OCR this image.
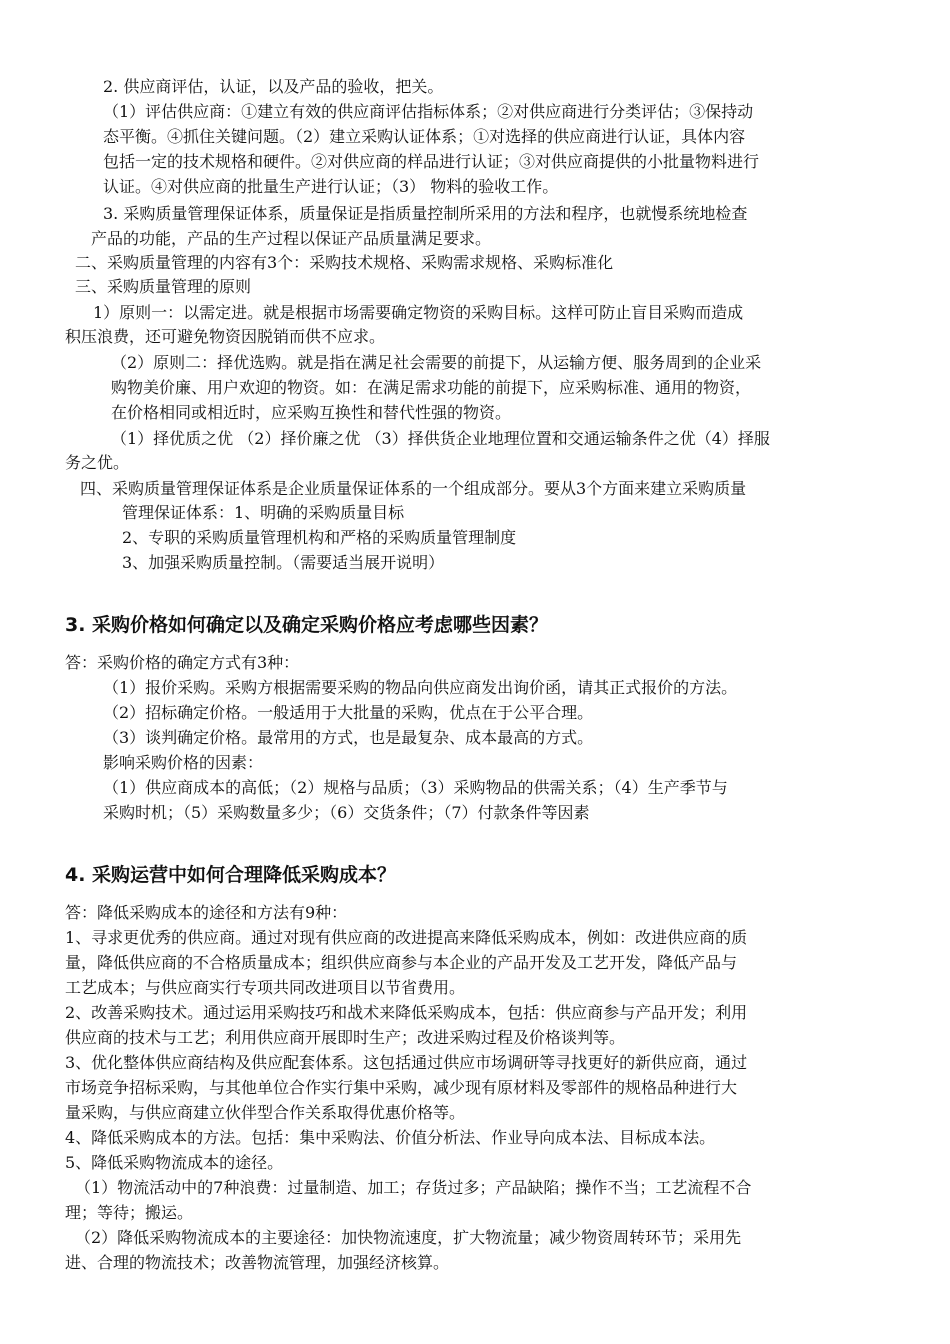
2. 供应商评估，认证，以及产品的验收，把关。
（1）评估供应商：①建立有效的供应商评估指标体系；②对供应商进行分类评估；③保持动
态平衡。④抓住关键问题。（2）建立采购认证体系；①对选择的供应商进行认证，具体内容
包括一定的技术规格和硬件。②对供应商的样品进行认证；③对供应商提供的小批量物料进行
认证。④对供应商的批量生产进行认证；（3） 物料的验收工作。
3. 采购质量管理保证体系，质量保证是指质量控制所采用的方法和程序，也就慢系统地检查
产品的功能，产品的生产过程以保证产品质量满足要求。
二、采购质量管理的内容有3个：采购技术规格、采购需求规格、采购标准化
三、采购质量管理的原则
1）原则一：以需定进。就是根据市场需要确定物资的采购目标。这样可防止盲目采购而造成
积压浪费，还可避免物资因脱销而供不应求。
（2）原则二：择优选购。就是指在满足社会需要的前提下，从运输方便、服务周到的企业采
购物美价廉、用户欢迎的物资。如：在满足需求功能的前提下，应采购标准、通用的物资，
在价格相同或相近时，应采购互换性和替代性强的物资。
（1）择优质之优 （2）择价廉之优 （3）择供货企业地理位置和交通运输条件之优（4）择服
务之优。
四、采购质量管理保证体系是企业质量保证体系的一个组成部分。要从3个方面来建立采购质量
管理保证体系：1、明确的采购质量目标
2、专职的采购质量管理机构和严格的采购质量管理制度
3、加强采购质量控制。（需要适当展开说明）
3. 采购价格如何确定以及确定采购价格应考虑哪些因素？
答：采购价格的确定方式有3种：
（1）报价采购。采购方根据需要采购的物品向供应商发出询价函，请其正式报价的方法。
（2）招标确定价格。一般适用于大批量的采购，优点在于公平合理。
（3）谈判确定价格。最常用的方式，也是最复杂、成本最高的方式。
影响采购价格的因素：
（1）供应商成本的高低；（2）规格与品质；（3）采购物品的供需关系；（4）生产季节与
采购时机；（5）采购数量多少；（6）交货条件；（7）付款条件等因素
4. 采购运营中如何合理降低采购成本？
答：降低采购成本的途径和方法有9种：
1、寻求更优秀的供应商。通过对现有供应商的改进提高来降低采购成本，例如：改进供应商的质
量，降低供应商的不合格质量成本；组织供应商参与本企业的产品开发及工艺开发，降低产品与
工艺成本；与供应商实行专项共同改进项目以节省费用。
2、改善采购技术。通过运用采购技巧和战术来降低采购成本，包括：供应商参与产品开发；利用
供应商的技术与工艺；利用供应商开展即时生产；改进采购过程及价格谈判等。
3、优化整体供应商结构及供应配套体系。这包括通过供应市场调研等寻找更好的新供应商，通过
市场竞争招标采购，与其他单位合作实行集中采购，减少现有原材料及零部件的规格品种进行大
量采购，与供应商建立伙伴型合作关系取得优惠价格等。
4、降低采购成本的方法。包括：集中采购法、价值分析法、作业导向成本法、目标成本法。
5、降低采购物流成本的途径。
（1）物流活动中的7种浪费：过量制造、加工；存货过多；产品缺陷；操作不当；工艺流程不合
理；等待；搬运。
（2）降低采购物流成本的主要途径：加快物流速度，扩大物流量；减少物资周转环节；采用先
进、合理的物流技术；改善物流管理，加强经济核算。
